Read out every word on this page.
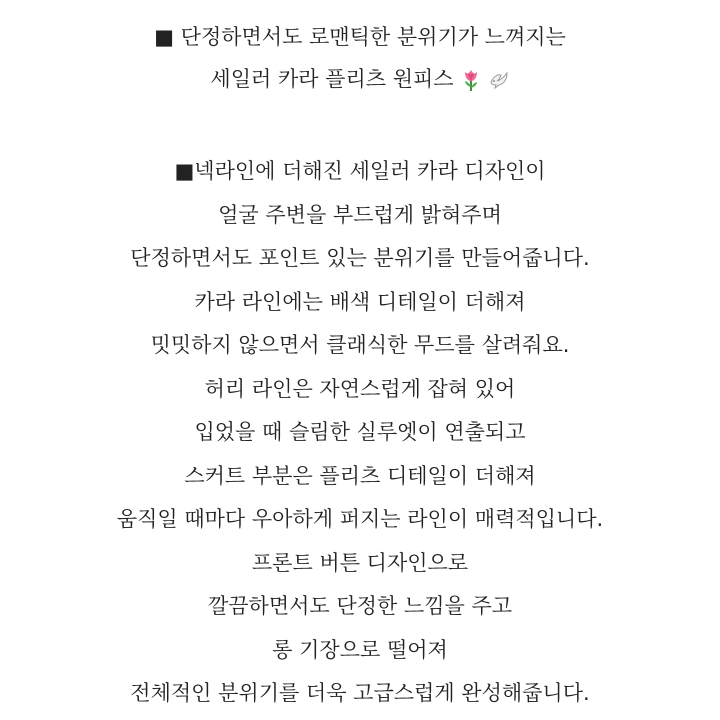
■ 단정하면서도 로맨틱한 분위기가 느껴지는
세일러 카라 플리츠 원피스
■넥라인에 더해진 세일러 카라 디자인이
얼굴 주변을 부드럽게 밝혀주며
단정하면서도 포인트 있는 분위기를 만들어줍니다.
카라 라인에는 배색 디테일이 더해져
밋밋하지 않으면서 클래식한 무드를 살려줘요.
허리 라인은 자연스럽게 잡혀 있어
입었을 때 슬림한 실루엣이 연출되고
스커트 부분은 플리츠 디테일이 더해져
움직일 때마다 우아하게 퍼지는 라인이 매력적입니다.
프론트 버튼 디자인으로
깔끔하면서도 단정한 느낌을 주고
롱 기장으로 떨어져
전체적인 분위기를 더욱 고급스럽게 완성해줍니다.
